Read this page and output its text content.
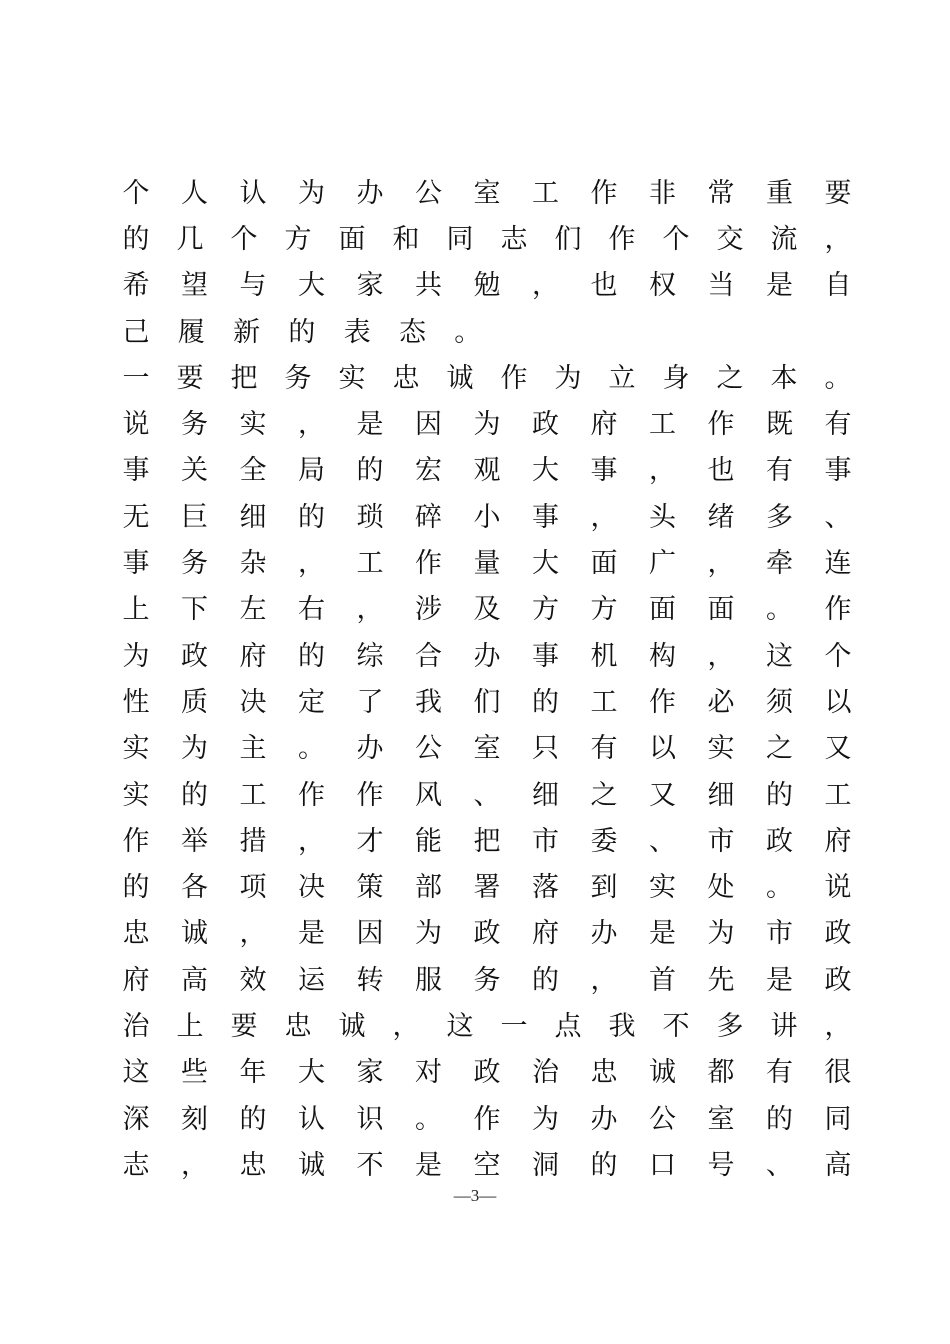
个 人 认 为 办 公 室 工 作 非 常 重 要
的 几 个 方 面 和 同 志 们 作 个 交 流 ，
希 望 与 大 家 共 勉 ， 也 权 当 是 自
己 履 新 的 表 态 。
一 要 把 务 实 忠 诚 作 为 立 身 之 本 。
说 务 实 ， 是 因 为 政 府 工 作 既 有
事 关 全 局 的 宏 观 大 事 ， 也 有 事
无 巨 细 的 琐 碎 小 事 ， 头 绪 多 、
事 务 杂 ， 工 作 量 大 面 广 ， 牵 连
上 下 左 右 ， 涉 及 方 方 面 面 。 作
为 政 府 的 综 合 办 事 机 构 ， 这 个
性 质 决 定 了 我 们 的 工 作 必 须 以
实 为 主 。 办 公 室 只 有 以 实 之 又
实 的 工 作 作 风 、 细 之 又 细 的 工
作 举 措 ， 才 能 把 市 委 、 市 政 府
的 各 项 决 策 部 署 落 到 实 处 。 说
忠 诚 ， 是 因 为 政 府 办 是 为 市 政
府 高 效 运 转 服 务 的 ， 首 先 是 政
治 上 要 忠 诚 ， 这 一 点 我 不 多 讲 ，
这 些 年 大 家 对 政 治 忠 诚 都 有 很
深 刻 的 认 识 。 作 为 办 公 室 的 同
志 ， 忠 诚 不 是 空 洞 的 口 号 、 高
—3—
